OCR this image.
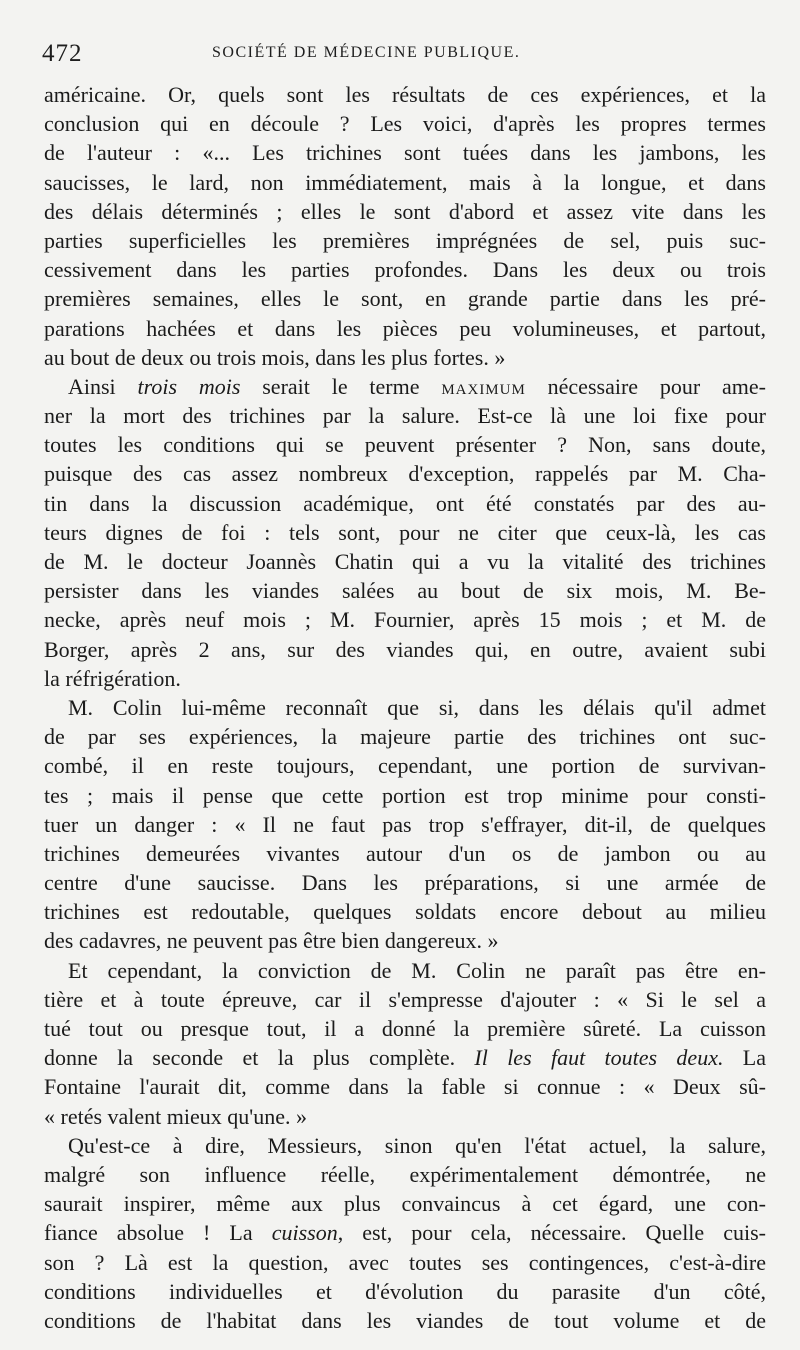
472	SOCIÉTÉ DE MÉDECINE PUBLIQUE.
américaine. Or, quels sont les résultats de ces expériences, et la
conclusion qui en découle ? Les voici, d'après les propres termes
de l'auteur : «... Les trichines sont tuées dans les jambons, les
saucisses, le lard, non immédiatement, mais à la longue, et dans
des délais déterminés ; elles le sont d'abord et assez vite dans les
parties superficielles les premières imprégnées de sel, puis suc-
cessivement dans les parties profondes. Dans les deux ou trois
premières semaines, elles le sont, en grande partie dans les pré-
parations hachées et dans les pièces peu volumineuses, et partout,
au bout de deux ou trois mois, dans les plus fortes. »
Ainsi trois mois serait le terme maximum nécessaire pour ame-
ner la mort des trichines par la salure. Est-ce là une loi fixe pour
toutes les conditions qui se peuvent présenter ? Non, sans doute,
puisque des cas assez nombreux d'exception, rappelés par M. Cha-
tin dans la discussion académique, ont été constatés par des au-
teurs dignes de foi : tels sont, pour ne citer que ceux-là, les cas
de M. le docteur Joannès Chatin qui a vu la vitalité des trichines
persister dans les viandes salées au bout de six mois, M. Be-
necke, après neuf mois ; M. Fournier, après 15 mois ; et M. de
Borger, après 2 ans, sur des viandes qui, en outre, avaient subi
la réfrigération.
M. Colin lui-même reconnaît que si, dans les délais qu'il admet
de par ses expériences, la majeure partie des trichines ont suc-
combé, il en reste toujours, cependant, une portion de survivan-
tes ; mais il pense que cette portion est trop minime pour consti-
tuer un danger : « Il ne faut pas trop s'effrayer, dit-il, de quelques
trichines demeurées vivantes autour d'un os de jambon ou au
centre d'une saucisse. Dans les préparations, si une armée de
trichines est redoutable, quelques soldats encore debout au milieu
des cadavres, ne peuvent pas être bien dangereux. »
Et cependant, la conviction de M. Colin ne paraît pas être en-
tière et à toute épreuve, car il s'empresse d'ajouter : « Si le sel a
tué tout ou presque tout, il a donné la première sûreté. La cuisson
donne la seconde et la plus complète. Il les faut toutes deux. La
Fontaine l'aurait dit, comme dans la fable si connue : « Deux sû-
« retés valent mieux qu'une. »
Qu'est-ce à dire, Messieurs, sinon qu'en l'état actuel, la salure,
malgré son influence réelle, expérimentalement démontrée, ne
saurait inspirer, même aux plus convaincus à cet égard, une con-
fiance absolue ! La cuisson, est, pour cela, nécessaire. Quelle cuis-
son ? Là est la question, avec toutes ses contingences, c'est-à-dire
conditions individuelles et d'évolution du parasite d'un côté,
conditions de l'habitat dans les viandes de tout volume et de
